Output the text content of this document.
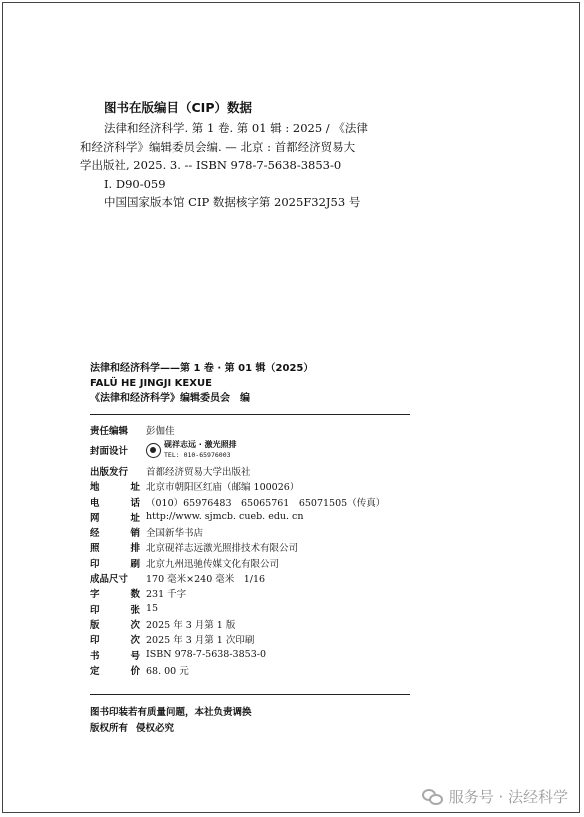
图书在版编目（CIP）数据
法律和经济科学. 第 1 卷. 第 01 辑 : 2025 / 《法律
和经济科学》编辑委员会编. — 北京 : 首都经济贸易大
学出版社, 2025. 3. -- ISBN 978-7-5638-3853-0
Ⅰ. D90-059
中国国家版本馆 CIP 数据核字第 2025F32J53 号
法律和经济科学——第 1 卷 · 第 01 辑（2025）
FALÜ HE JINGJI KEXUE
《法律和经济科学》编辑委员会　编
责任编辑 彭伽佳
封面设计
砚祥志远 · 激光照排
TEL: 010-65976003
出版发行 首都经济贸易大学出版社
地	址 北京市朝阳区红庙（邮编 100026）
电	话 （010）65976483　65065761　65071505（传真）
网	址 http://www. sjmcb. cueb. edu. cn
经	销 全国新华书店
照	排 北京砚祥志远激光照排技术有限公司
印	刷 北京九州迅驰传媒文化有限公司
成品尺寸 170 毫米×240 毫米　1/16
字	数 231 千字
印	张 15
版	次 2025 年 3 月第 1 版
印	次 2025 年 3 月第 1 次印刷
书	号 ISBN 978-7-5638-3853-0
定	价 68. 00 元
图书印装若有质量问题，本社负责调换
版权所有 侵权必究
服务号 · 法经科学
